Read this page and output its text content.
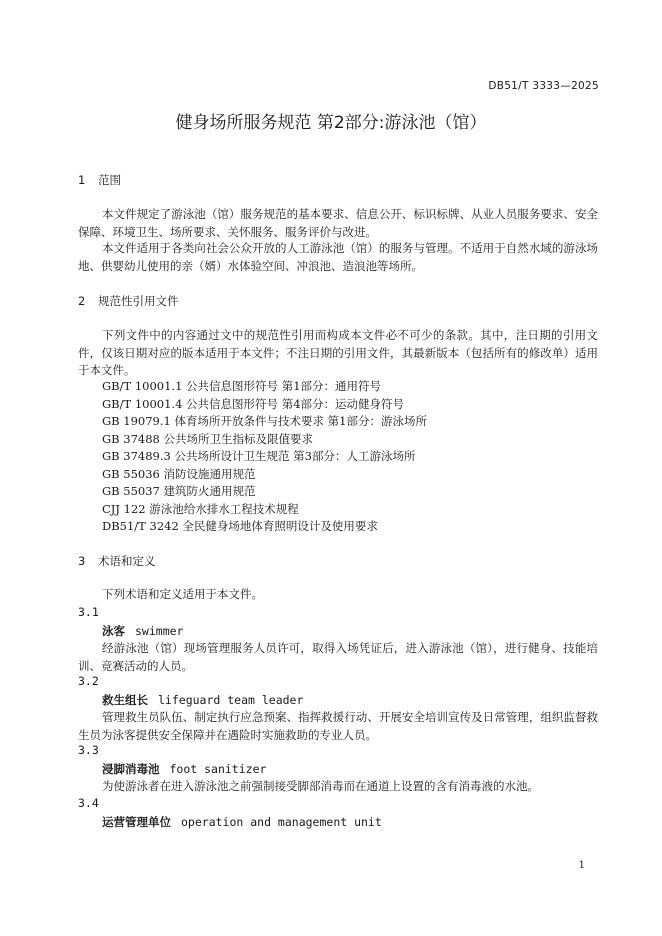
DB51/T 3333—2025
健身场所服务规范 第2部分:游泳池（馆）
1 范围
本文件规定了游泳池（馆）服务规范的基本要求、信息公开、标识标牌、从业人员服务要求、安全保障、环境卫生、场所要求、关怀服务、服务评价与改进。
本文件适用于各类向社会公众开放的人工游泳池（馆）的服务与管理。不适用于自然水域的游泳场地、供婴幼儿使用的亲（婿）水体验空间、冲浪池、造浪池等场所。
2 规范性引用文件
下列文件中的内容通过文中的规范性引用而构成本文件必不可少的条款。其中，注日期的引用文件，仅该日期对应的版本适用于本文件；不注日期的引用文件，其最新版本（包括所有的修改单）适用于本文件。
GB/T 10001.1 公共信息图形符号 第1部分：通用符号
GB/T 10001.4 公共信息图形符号 第4部分：运动健身符号
GB 19079.1 体育场所开放条件与技术要求 第1部分：游泳场所
GB 37488 公共场所卫生指标及限值要求
GB 37489.3 公共场所设计卫生规范 第3部分：人工游泳场所
GB 55036 消防设施通用规范
GB 55037 建筑防火通用规范
CJJ 122 游泳池给水排水工程技术规程
DB51/T 3242 全民健身场地体育照明设计及使用要求
3 术语和定义
下列术语和定义适用于本文件。
3.1
泳客 swimmer
经游泳池（馆）现场管理服务人员许可，取得入场凭证后，进入游泳池（馆），进行健身、技能培训、竞赛活动的人员。
3.2
救生组长 lifeguard team leader
管理救生员队伍、制定执行应急预案、指挥救援行动、开展安全培训宣传及日常管理，组织监督救生员为泳客提供安全保障并在遇险时实施救助的专业人员。
3.3
浸脚消毒池 foot sanitizer
为使游泳者在进入游泳池之前强制接受脚部消毒而在通道上设置的含有消毒液的水池。
3.4
运营管理单位 operation and management unit
1
